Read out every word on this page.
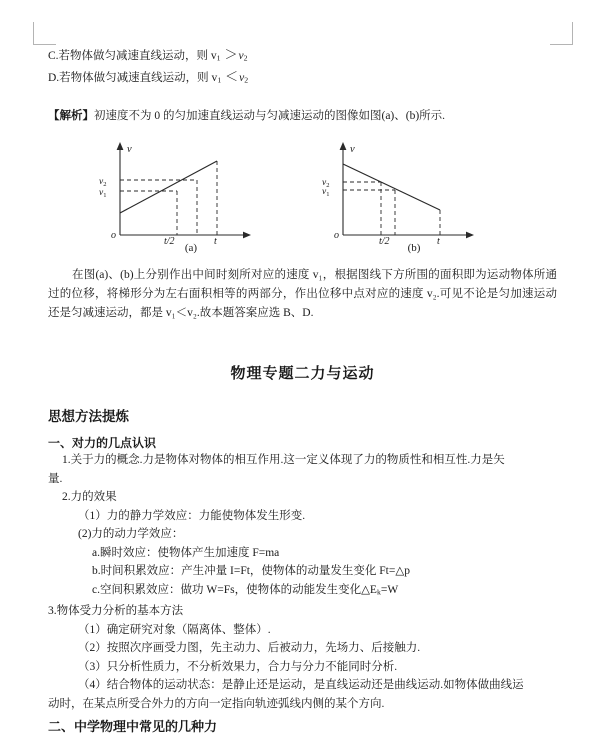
C.若物体做匀减速直线运动，则 $v_1 >v_2$

D.若物体做匀减速直线运动，则 $v_1 <v_2$

【解析】初速度不为 0 的匀加速直线运动与匀减速运动的图像如图(a)、(b)所示.

v
o
$v_2$
$v_1$
t/2	t
(a)
v
o
$v_2$
$v_1$
t/2	t
(b)

在图(a)、(b)上分别作出中间时刻所对应的速度 v₁，根据图线下方所围的面积即为运动物体所通过的位移，将梯形分为左右面积相等的两部分，作出位移中点对应的速度 v₂.可见不论是匀加速运动还是匀减速运动，都是 v₁＜v₂.故本题答案应选 B、D.

物理专题二力与运动
思想方法提炼
一、对力的几点认识

1.关于力的概念.力是物体对物体的相互作用.这一定义体现了力的物质性和相互性.力是矢

量.

2.力的效果

（1）力的静力学效应：力能使物体发生形变.

(2)力的动力学效应：

a.瞬时效应：使物体产生加速度 F=ma

b.时间积累效应：产生冲量 I=Ft，使物体的动量发生变化 Ft=△p

c.空间积累效应：做功 W=Fs，使物体的动能发生变化$\triangle E_k=W$

3.物体受力分析的基本方法

（1）确定研究对象（隔离体、整体）.

（2）按照次序画受力图，先主动力、后被动力，先场力、后接触力.

（3）只分析性质力，不分析效果力，合力与分力不能同时分析.

（4）结合物体的运动状态：是静止还是运动，是直线运动还是曲线运动.如物体做曲线运

动时，在某点所受合外力的方向一定指向轨迹弧线内侧的某个方向.

二、中学物理中常见的几种力
